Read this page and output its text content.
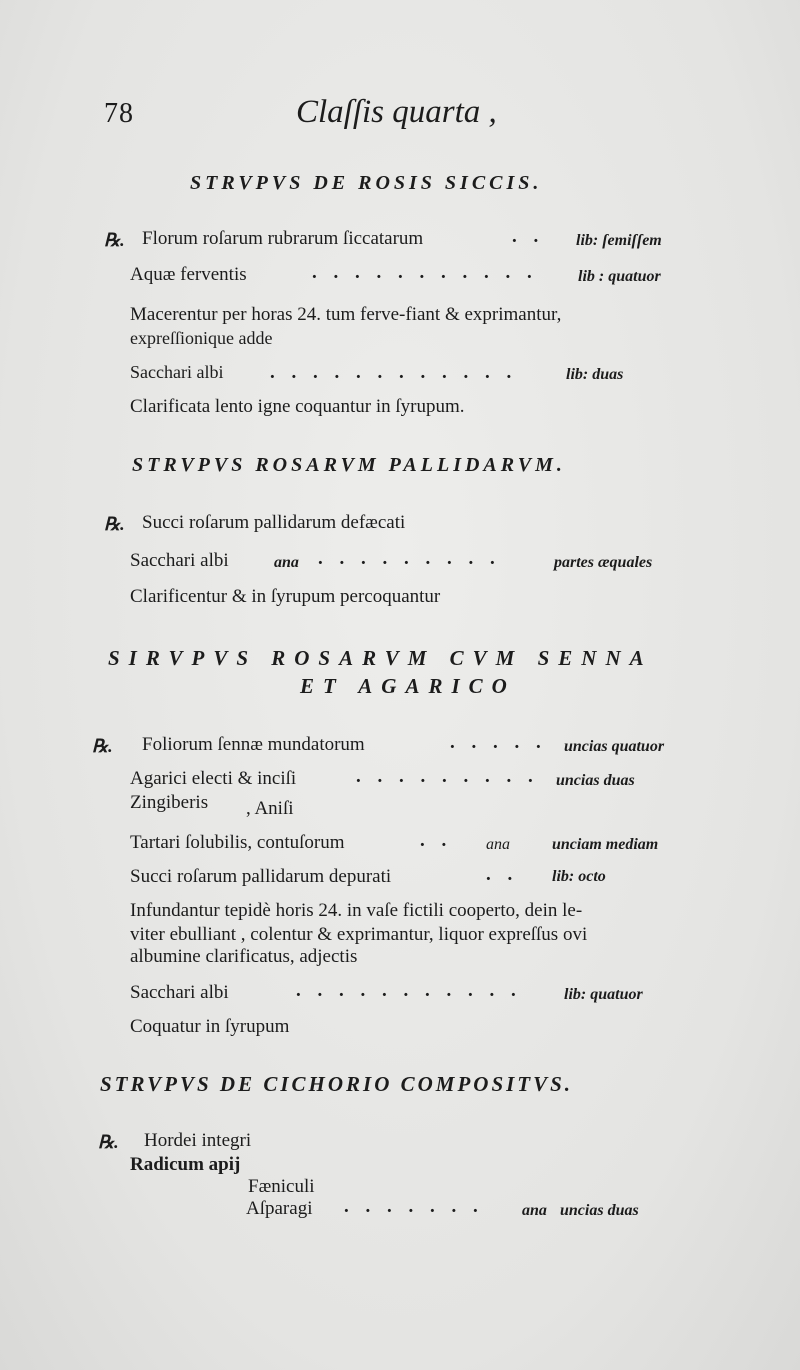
78	Claſſis quarta ,
STRVPVS DE ROSIS SICCIS.
℞. Florum roſarum rubrarum ſiccatarum	. . lib: ſemiſſem
Aquæ ferventis	. . . . . . . . . . .	lib : quatuor
Macerentur per horas 24. tum ferve-fiant & exprimantur,
expreſſionique adde
Sacchari albi . . . . . . . . . . . .	lib: duas
Clarificata lento igne coquantur in ſyrupum.
STRVPVS ROSARVM PALLIDARVM.
℞. Succi roſarum pallidarum defæcati
Sacchari albi	ana . . . . . . . . .	partes æquales
Clarificentur & in ſyrupum percoquantur
SIRVPVS ROSARVM CVM SENNA
ET AGARICO
℞. Foliorum ſennæ mundatorum	. . . . . uncias quatuor
Agarici electi & inciſi	. . . . . . . . . uncias duas
Zingiberis , Aniſi
Tartari ſolubilis, contuſorum	. . ana	unciam mediam
Succi roſarum pallidarum depurati	. . lib: octo
Infundantur tepidè horis 24. in vaſe fictili cooperto, dein le-
viter ebulliant , colentur & exprimantur, liquor expreſſus ovi
albumine clarificatus, adjectis
Sacchari albi	. . . . . . . . . . .	lib: quatuor
Coquatur in ſyrupum
STRVPVS DE CICHORIO COMPOSITVS.
℞. Hordei integri
Radicum apij
Fæniculi
Aſparagi . . . . . . . ana uncias duas
